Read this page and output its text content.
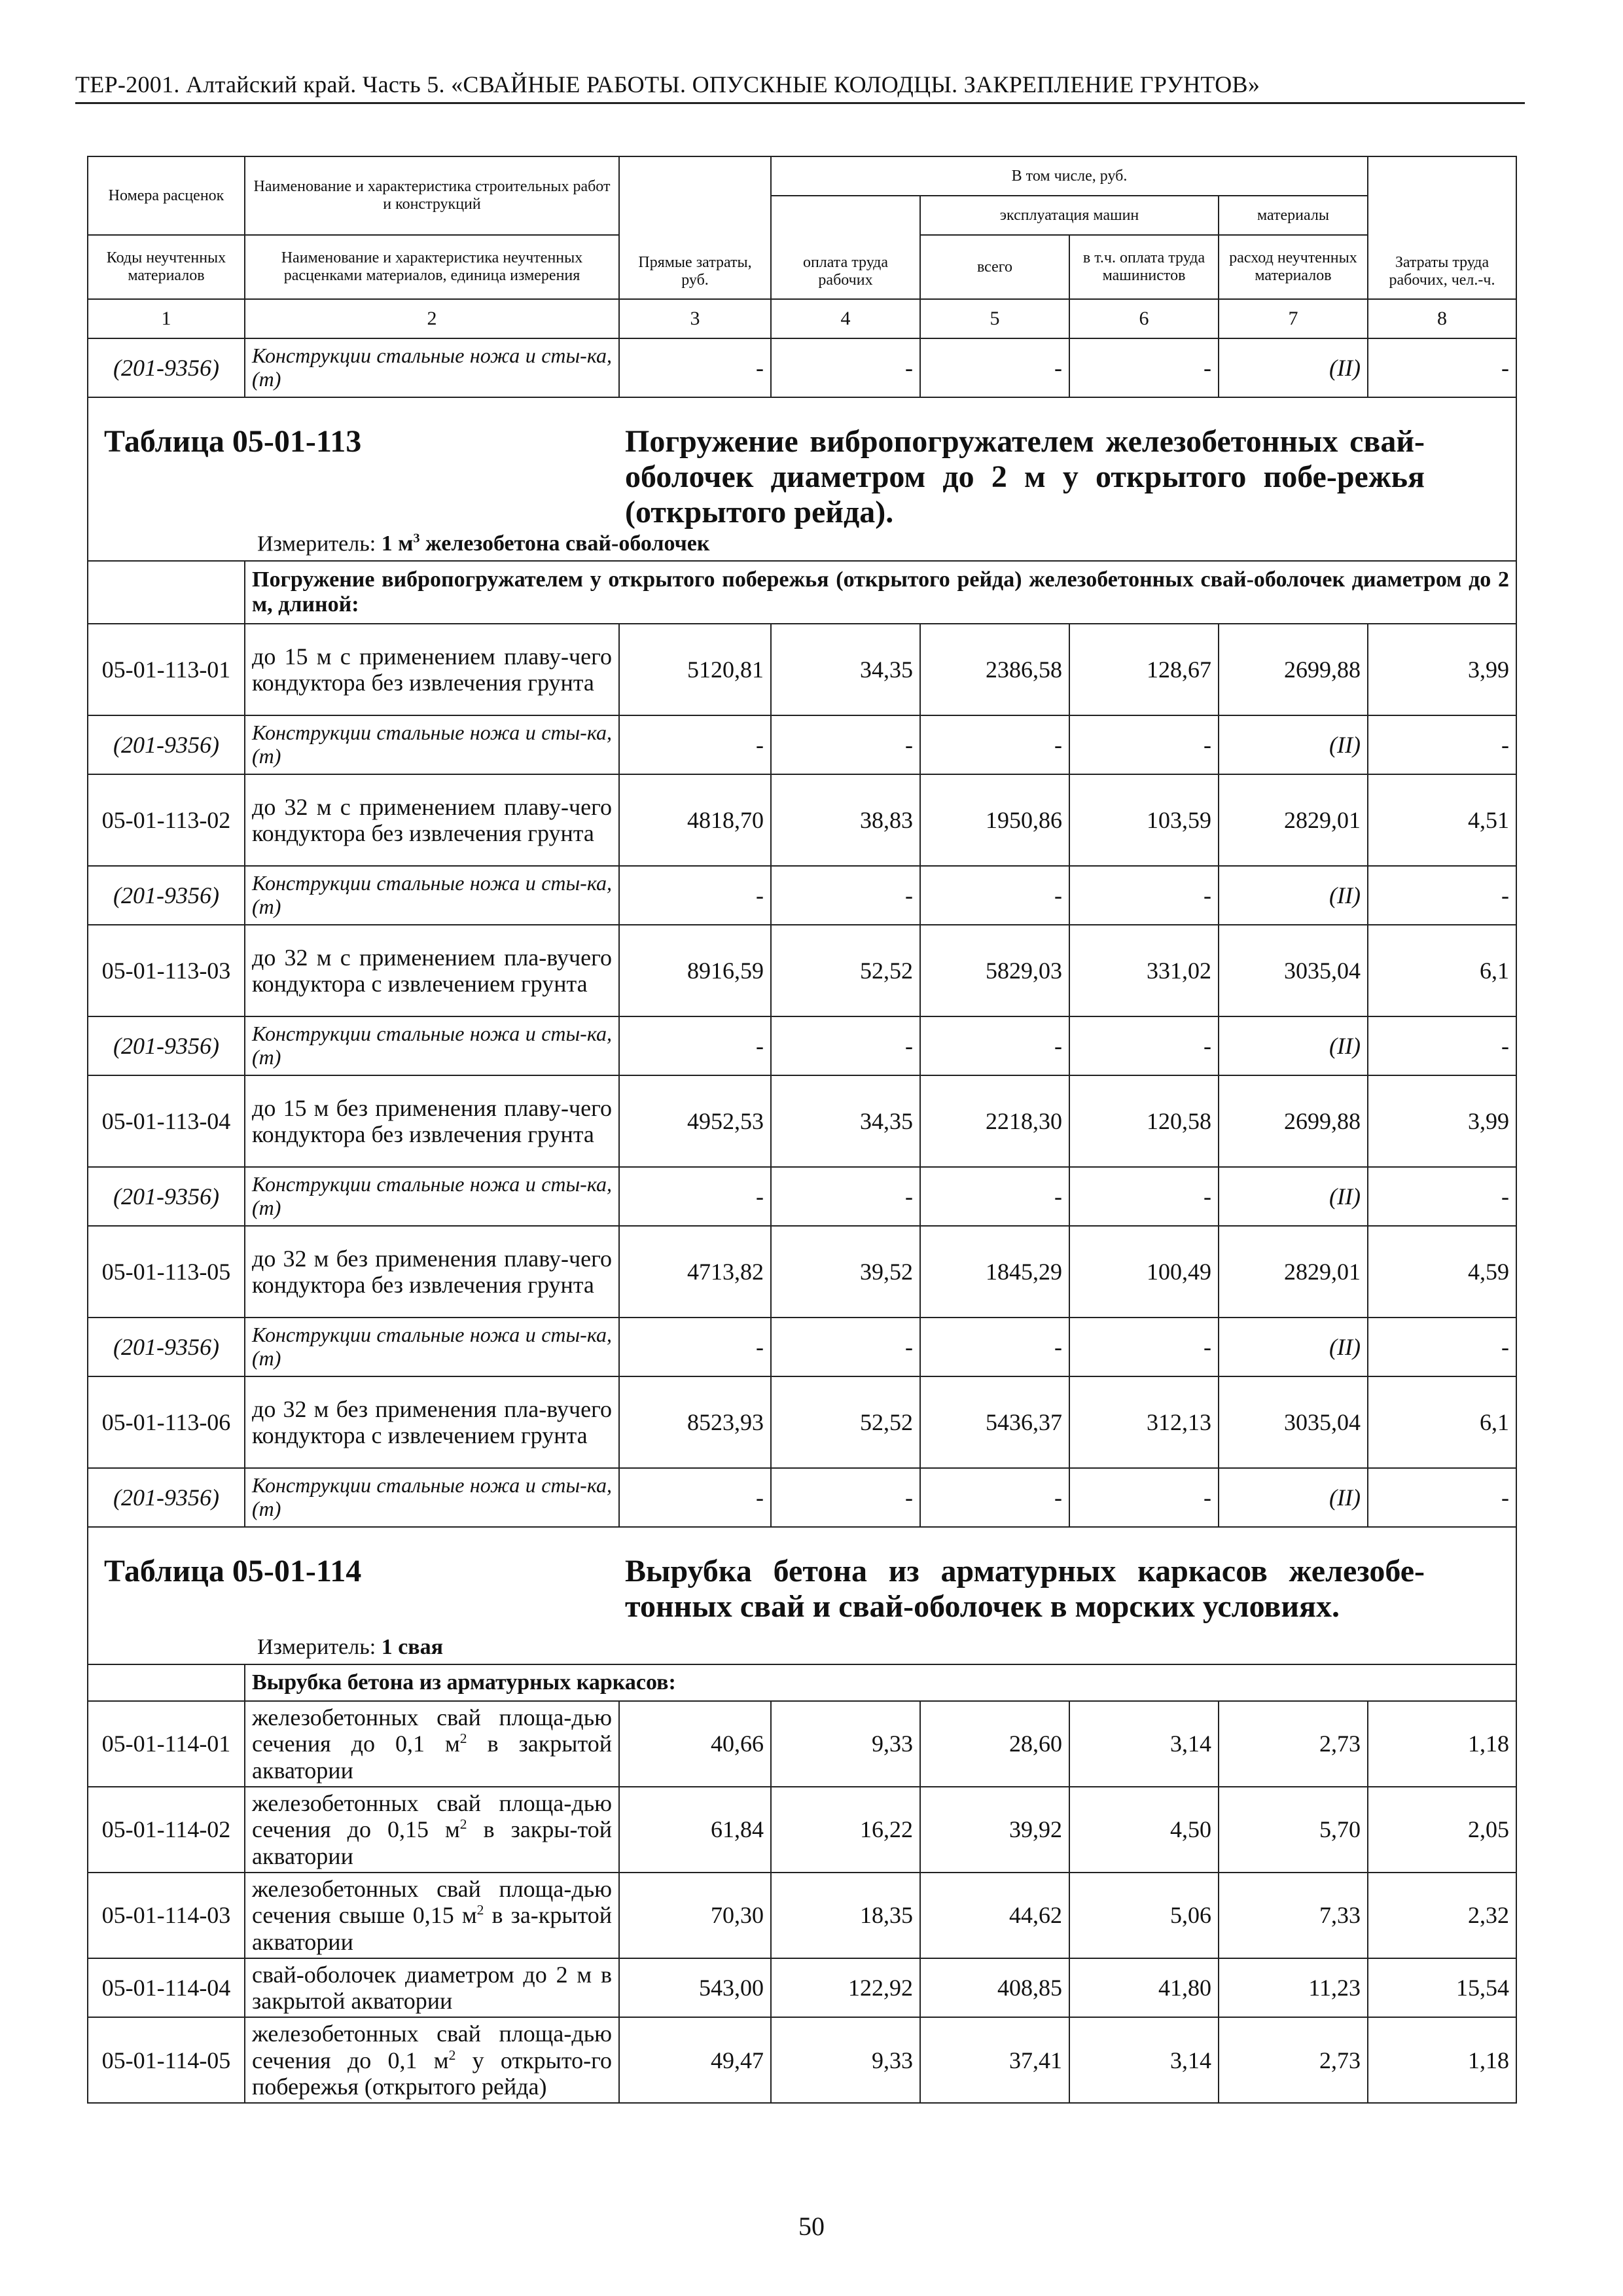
ТЕР-2001. Алтайский край. Часть 5. «СВАЙНЫЕ РАБОТЫ. ОПУСКНЫЕ КОЛОДЦЫ. ЗАКРЕПЛЕНИЕ ГРУНТОВ»
Номера расценок	Наименование и характеристика строительных работ и конструкций	Прямые затраты, руб.	В том числе, руб.				Затраты труда рабочих, чел.-ч.
			оплата труда рабочих	эксплуатация машин		материалы	
Коды неучтенных материалов	Наименование и характеристика неучтенных расценками материалов, единица измерения			всего	в т.ч. оплата труда машинистов	расход неучтенных материалов	
1	2	3	4	5	6	7	8
(201-9356)	Конструкции стальные ножа и сты-ка, (т)	-	-	-	-	(II)	-

Таблица 05-01-113 Погружение вибропогружателем железобетонных свай-оболочек диаметром до 2 м у открытого побе-режья (открытого рейда).
Измеритель: 1 $м^3$ железобетона свай-оболочек							

	Погружение вибропогружателем у открытого побережья (открытого рейда) железобетонных свай-оболочек диаметром до 2 м, длиной:						
05-01-113-01	до 15 м с применением плаву-чего кондуктора без извлечения грунта	5120,81	34,35	2386,58	128,67	2699,88	3,99
(201-9356)	Конструкции стальные ножа и сты-ка, (т)	-	-	-	-	(II)	-
05-01-113-02	до 32 м с применением плаву-чего кондуктора без извлечения грунта	4818,70	38,83	1950,86	103,59	2829,01	4,51
(201-9356)	Конструкции стальные ножа и сты-ка, (т)	-	-	-	-	(II)	-
05-01-113-03	до 32 м с применением пла-вучего кондуктора с извлечением грунта	8916,59	52,52	5829,03	331,02	3035,04	6,1
(201-9356)	Конструкции стальные ножа и сты-ка, (т)	-	-	-	-	(II)	-
05-01-113-04	до 15 м без применения плаву-чего кондуктора без извлечения грунта	4952,53	34,35	2218,30	120,58	2699,88	3,99
(201-9356)	Конструкции стальные ножа и сты-ка, (т)	-	-	-	-	(II)	-
05-01-113-05	до 32 м без применения плаву-чего кондуктора без извлечения грунта	4713,82	39,52	1845,29	100,49	2829,01	4,59
(201-9356)	Конструкции стальные ножа и сты-ка, (т)	-	-	-	-	(II)	-
05-01-113-06	до 32 м без применения пла-вучего кондуктора с извлечением грунта	8523,93	52,52	5436,37	312,13	3035,04	6,1
(201-9356)	Конструкции стальные ножа и сты-ка, (т)	-	-	-	-	(II)	-

Таблица 05-01-114 Вырубка бетона из арматурных каркасов железобе-тонных свай и свай-оболочек в морских условиях.
Измеритель: 1 свая							

	Вырубка бетона из арматурных каркасов:						
05-01-114-01	железобетонных свай площа-дью сечения до 0,1 $м^2$ в закрытой акватории	40,66	9,33	28,60	3,14	2,73	1,18
05-01-114-02	железобетонных свай площа-дью сечения до 0,15 $м^2$ в закры-той акватории	61,84	16,22	39,92	4,50	5,70	2,05
05-01-114-03	железобетонных свай площа-дью сечения свыше 0,15 $м^2$ в за-крытой акватории	70,30	18,35	44,62	5,06	7,33	2,32
05-01-114-04	свай-оболочек диаметром до 2 м в закрытой акватории	543,00	122,92	408,85	41,80	11,23	15,54
05-01-114-05	железобетонных свай площа-дью сечения до 0,1 $м^2$ у открыто-го побережья (открытого рейда)	49,47	9,33	37,41	3,14	2,73	1,18
50
